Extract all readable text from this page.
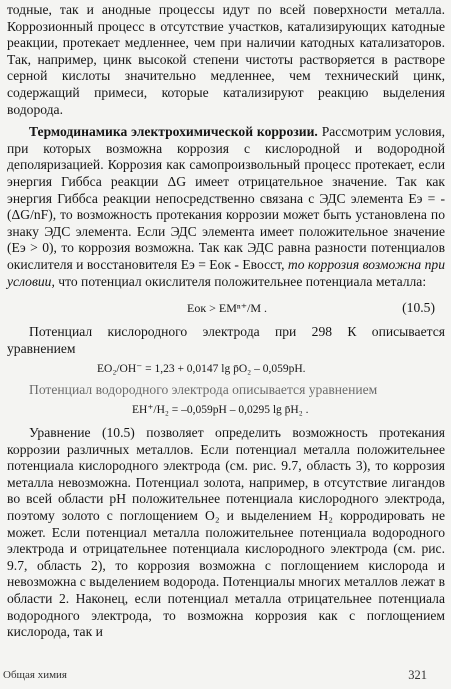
тодные, так и анодные процессы идут по всей поверхности металла. Коррозионный процесс в отсутствие участков, катализирующих катодные реакции, протекает медленнее, чем при наличии катодных катализаторов. Так, например, цинк высокой степени чистоты растворяется в растворе серной кислоты значительно медленнее, чем технический цинк, содержащий примеси, которые катализируют реакцию выделения водорода.

Термодинамика электрохимической коррозии. Рассмотрим условия, при которых возможна коррозия с кислородной и водородной деполяризацией. Коррозия как самопроизвольный процесс протекает, если энергия Гиббса реакции ΔG имеет отрицательное значение. Так как энергия Гиббса реакции непосредственно связана с ЭДС элемента Eэ = -(ΔG/nF), то возможность протекания коррозии может быть установлена по знаку ЭДС элемента. Если ЭДС элемента имеет положительное значение (Eэ > 0), то коррозия возможна. Так как ЭДС равна разности потенциалов окислителя и восстановителя Eэ = Eок - Eвосст, то коррозия возможна при условии, что потенциал окислителя положительнее потенциала металла:

Eок > EMⁿ⁺/M .	(10.5)

Потенциал кислородного электрода при 298 К описывается уравнением

EO₂/OH⁻ = 1,23 + 0,0147 lg p̄O₂ – 0,059pH.

Потенциал водородного электрода описывается уравнением

EH⁺/H₂ = –0,059pH – 0,0295 lg p̄H₂ .

Уравнение (10.5) позволяет определить возможность протекания коррозии различных металлов. Если потенциал металла положительнее потенциала кислородного электрода (см. рис. 9.7, область 3), то коррозия металла невозможна. Потенциал золота, например, в отсутствие лигандов во всей области pH положительнее потенциала кислородного электрода, поэтому золото с поглощением O₂ и выделением H₂ корродировать не может. Если потенциал металла положительнее потенциала водородного электрода и отрицательнее потенциала кислородного электрода (см. рис. 9.7, область 2), то коррозия возможна с поглощением кислорода и невозможна с выделением водорода. Потенциалы многих металлов лежат в области 2. Наконец, если потенциал металла отрицательнее потенциала водородного электрода, то возможна коррозия как с поглощением кислорода, так и

Общая химия	321
